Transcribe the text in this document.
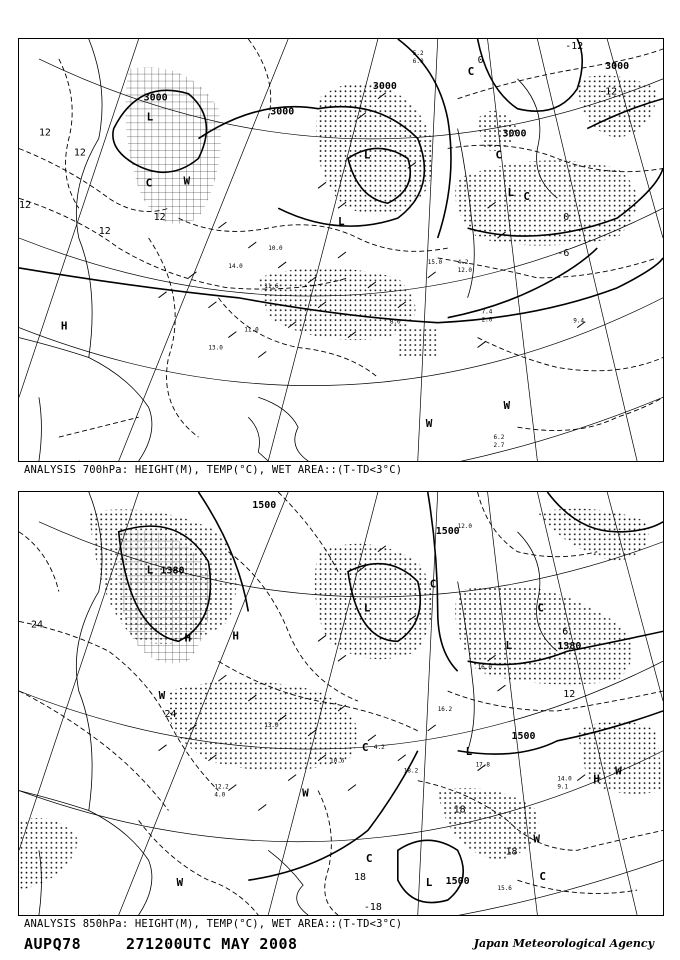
3000
3000
3000
3000
3000
12
12
12
12
12	0
0
-6
-12
-12
L
L
L
L
C
C
C
C
W
W
W
H
5.2
6.0
4.2
12.0
9.4
7.4
2.0
6.2
2.7
13.0
11.0
10.0
15.0
14.0
11.6
8.0
ANALYSIS 700hPa: HEIGHT(M), TEMP(°C), WET AREA::(T-TD<3°C)
1500
1500
1500
1500
1380
1380
24
24
12
6
18
18
18
-18
L
L
L
L
L
H	H
H
W
W
W
W
C
C
C
C
C
W
14.0
9.1
17.8
12.0
16.0
16.2
4.2
18.2
10.6
12.2
4.0
13.0
15.6
ANALYSIS 850hPa: HEIGHT(M), TEMP(°C), WET AREA::(T-TD<3°C)
AUPQ78	271200UTC MAY 2008	Japan Meteorological Agency
